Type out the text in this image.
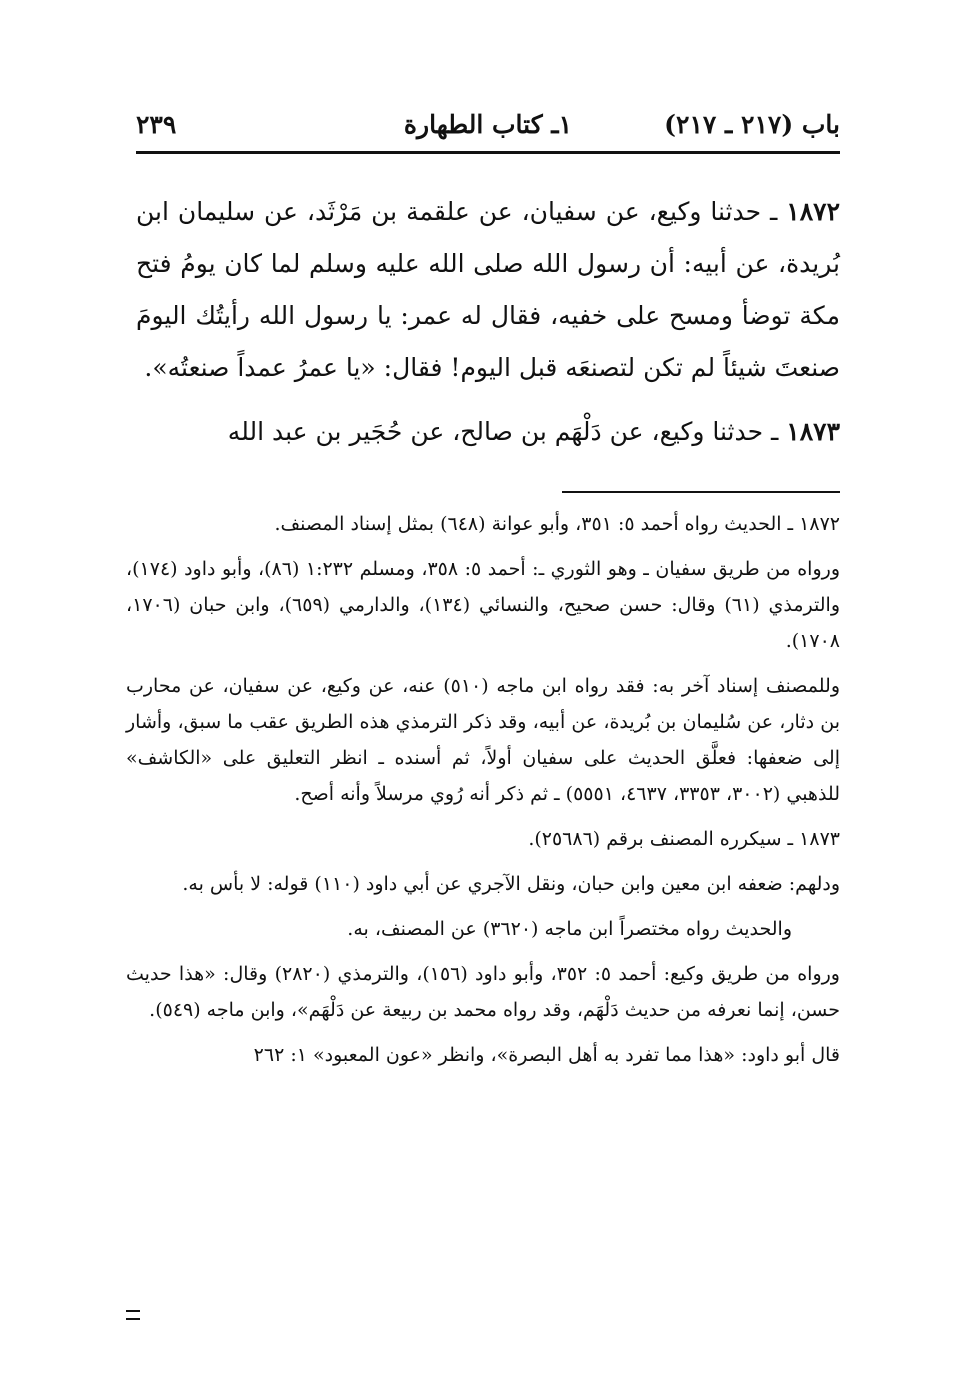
باب (٢١٧ ـ ٢١٧)
١ـ كتاب الطهارة
٢٣٩

١٨٧٢ ـ حدثنا وكيع، عن سفيان، عن علقمة بن مَرْثَد، عن سليمان ابن بُريدة، عن أبيه: أن رسول الله صلى الله عليه وسلم لما كان يومُ فتح مكة توضأ ومسح على خفيه، فقال له عمر: يا رسول الله رأيتُك اليومَ صنعتَ شيئاً لم تكن لتصنعَه قبل اليوم! فقال: «يا عمرُ عمداً صنعتُه».

١٨٧٣ ـ حدثنا وكيع، عن دَلْهَم بن صالح، عن حُجَير بن عبد الله

١٨٧٢ ـ الحديث رواه أحمد ٥: ٣٥١، وأبو عوانة (٦٤٨) بمثل إسناد المصنف.

ورواه من طريق سفيان ـ وهو الثوري ـ: أحمد ٥: ٣٥٨، ومسلم ١:٢٣٢ (٨٦)، وأبو داود (١٧٤)، والترمذي (٦١) وقال: حسن صحيح، والنسائي (١٣٤)، والدارمي (٦٥٩)، وابن حبان (١٧٠٦، ١٧٠٨).

وللمصنف إسناد آخر به: فقد رواه ابن ماجه (٥١٠) عنه، عن وكيع، عن سفيان، عن محارب بن دثار، عن سُليمان بن بُريدة، عن أبيه، وقد ذكر الترمذي هذه الطريق عقب ما سبق، وأشار إلى ضعفها: فعلَّق الحديث على سفيان أولاً، ثم أسنده ـ انظر التعليق على «الكاشف» للذهبي (٣٠٠٢، ٣٣٥٣، ٤٦٣٧، ٥٥٥١) ـ ثم ذكر أنه رُوي مرسلاً وأنه أصح.

١٨٧٣ ـ سيكرره المصنف برقم (٢٥٦٨٦).

ودلهم: ضعفه ابن معين وابن حبان، ونقل الآجري عن أبي داود (١١٠) قوله: لا بأس به.

والحديث رواه مختصراً ابن ماجه (٣٦٢٠) عن المصنف، به.

ورواه من طريق وكيع: أحمد ٥: ٣٥٢، وأبو داود (١٥٦)، والترمذي (٢٨٢٠) وقال: «هذا حديث حسن، إنما نعرفه من حديث دَلْهَم، وقد رواه محمد بن ربيعة عن دَلْهَم»، وابن ماجه (٥٤٩).

قال أبو داود: «هذا مما تفرد به أهل البصرة»، وانظر «عون المعبود» ١: ٢٦٢
